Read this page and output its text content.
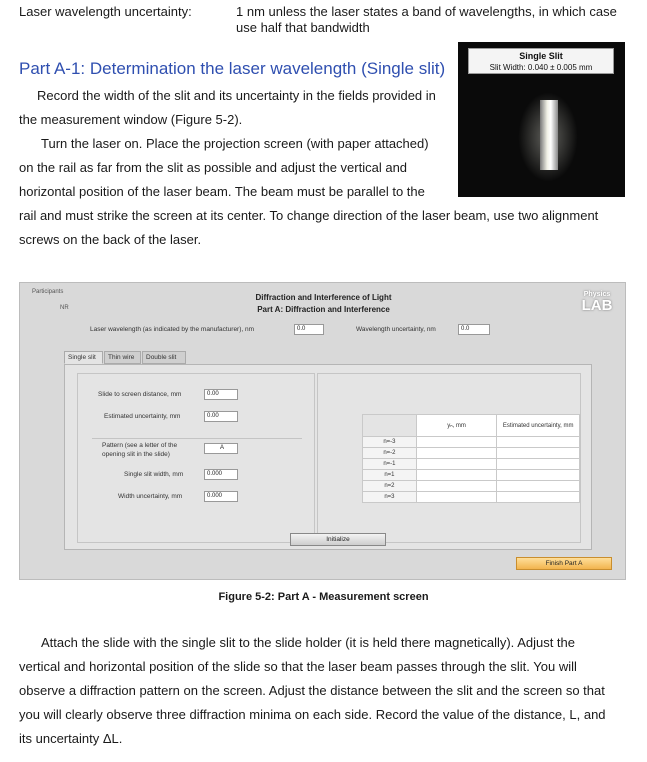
Laser wavelength uncertainty:	1 nm unless the laser states a band of wavelengths, in which case use half that bandwidth
Part A-1: Determination the laser wavelength (Single slit)
Single Slit
Slit Width: 0.040 ± 0.005 mm
Record the width of the slit and its uncertainty in the fields provided in
the measurement window (Figure 5-2).
Turn the laser on. Place the projection screen (with paper attached)
on the rail as far from the slit as possible and adjust the vertical and
horizontal position of the laser beam. The beam must be parallel to the
rail and must strike the screen at its center. To change direction of the laser beam, use two alignment
screws on the back of the laser.
Participants
NR
Diffraction and Interference of Light
Part A: Diffraction and Interference
Physics
LAB
Laser wavelength (as indicated by the manufacturer), nm	0.0	Wavelength uncertainty, nm	0.0
Single slit	Thin wire	Double slit
Slide to screen distance, mm	0.00
Estimated uncertainty, mm	0.00
Pattern (see a letter of the
opening slit in the slide)
A
Single slit width, mm	0.000
Width uncertainty, mm	0.000
	yₙ, mm	Estimated uncertainty, mm
n=-3		
n=-2		
n=-1		
n=1		
n=2		
n=3		
Initialize
Finish Part A
Figure 5-2: Part A - Measurement screen
Attach the slide with the single slit to the slide holder (it is held there magnetically). Adjust the
vertical and horizontal position of the slide so that the laser beam passes through the slit. You will
observe a diffraction pattern on the screen. Adjust the distance between the slit and the screen so that
you will clearly observe three diffraction minima on each side. Record the value of the distance, L, and
its uncertainty ΔL.
